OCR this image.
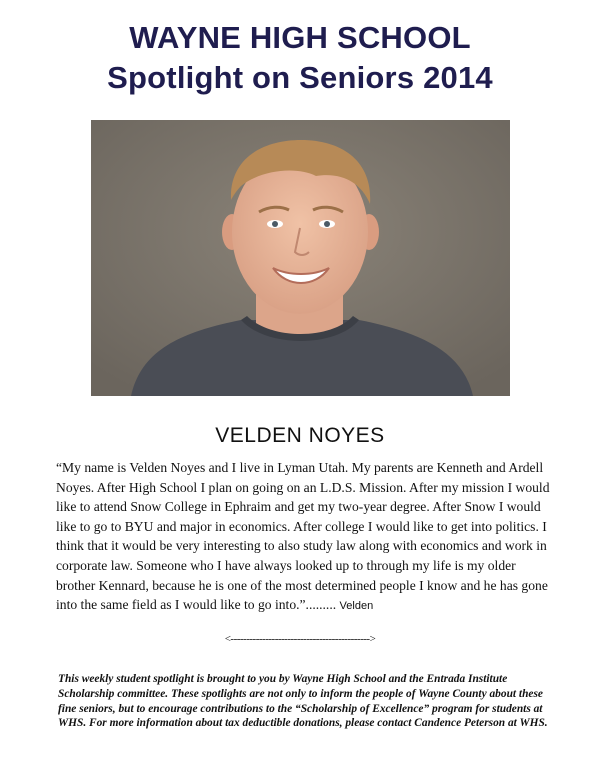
WAYNE HIGH SCHOOL
Spotlight on Seniors 2014
VELDEN NOYES
“My name is Velden Noyes and I live in Lyman Utah. My parents are Kenneth and Ardell Noyes. After High School I plan on going on an L.D.S. Mission. After my mission I would like to attend Snow College in Ephraim and get my two-year degree. After Snow I would like to go to BYU and major in economics. After college I would like to get into politics. I think that it would be very interesting to also study law along with economics and work in corporate law. Someone who I have always looked up to through my life is my older brother Kennard, because he is one of the most determined people I know and he has gone into the same field as I would like to go into.”......... Velden
<-------------------------------------------->
This weekly student spotlight is brought to you by Wayne High School and the Entrada Institute Scholarship committee. These spotlights are not only to inform the people of Wayne County about these fine seniors, but to encourage contributions to the “Scholarship of Excellence” program for students at WHS. For more information about tax deductible donations, please contact Candence Peterson at WHS.
